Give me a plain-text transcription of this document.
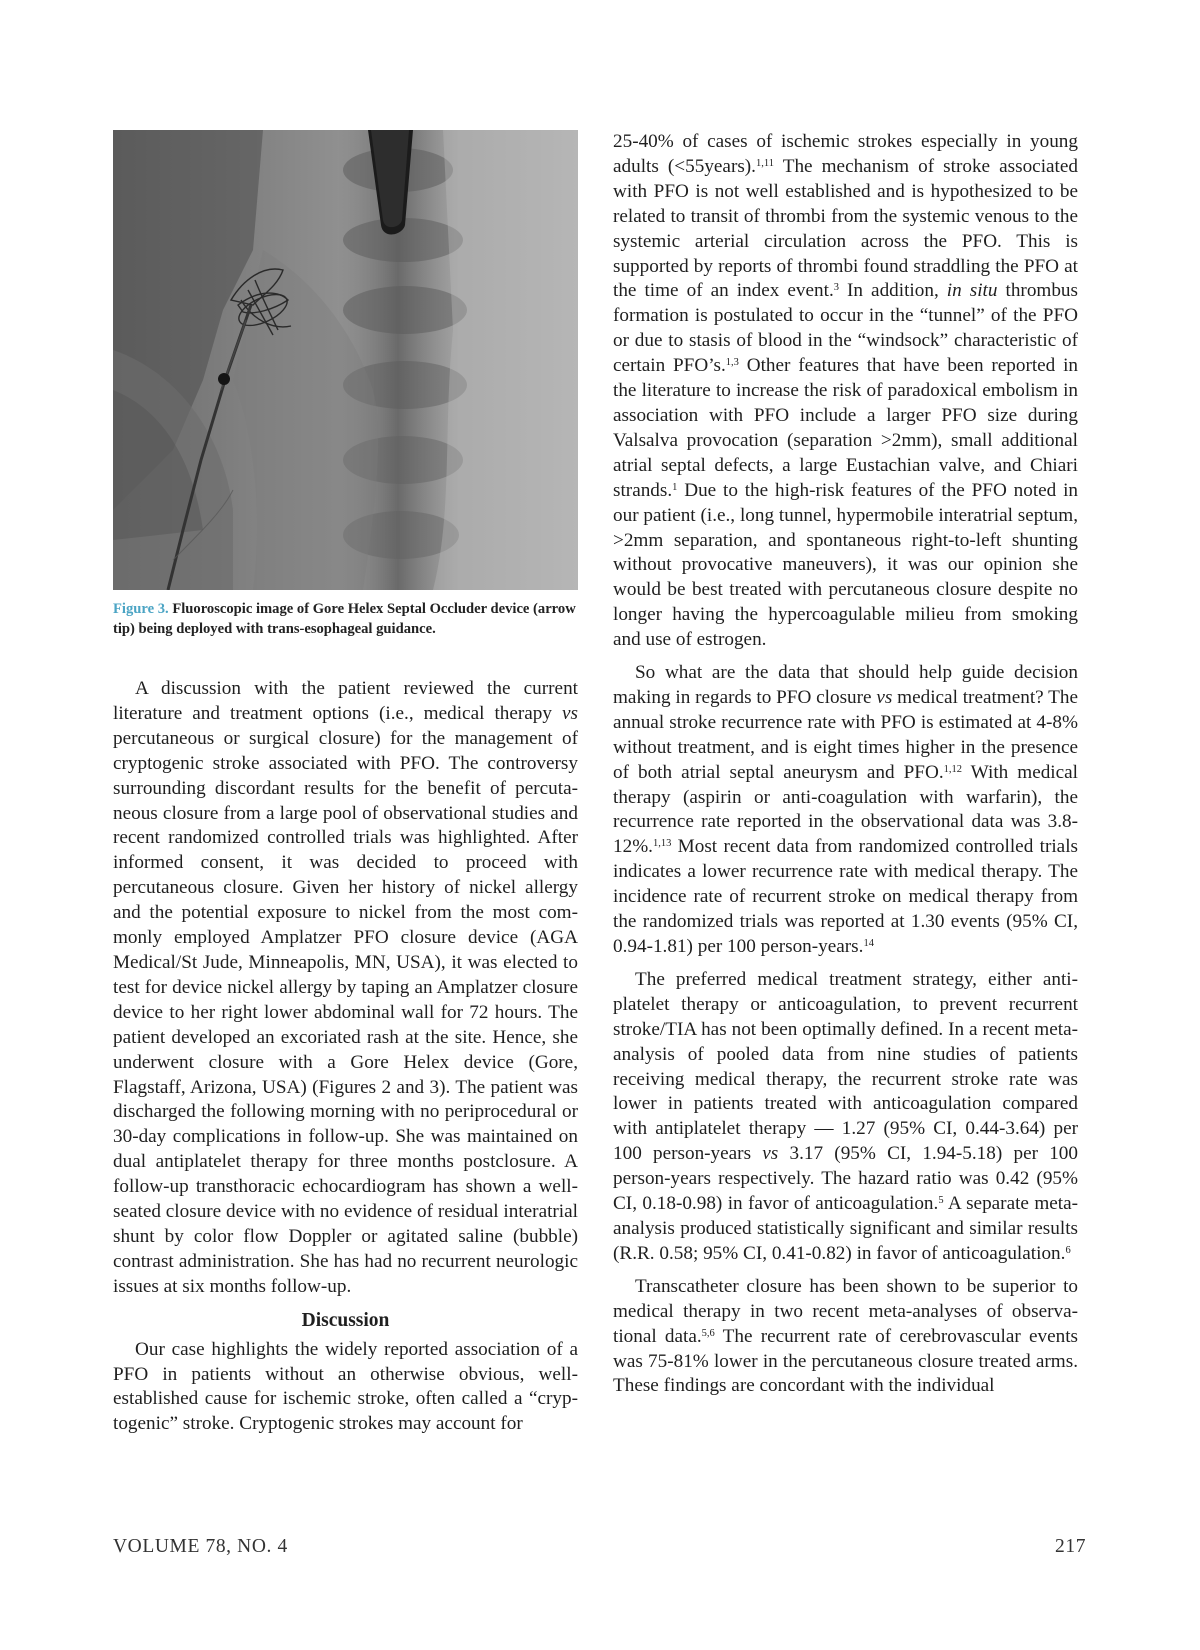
Figure 3. Fluoroscopic image of Gore Helex Septal Occluder device (arrow tip) being deployed with trans-esophageal guidance.

A discussion with the patient reviewed the current literature and treatment options (i.e., medical therapy vs percutaneous or surgical closure) for the management of cryptogenic stroke associated with PFO. The controversy surrounding discordant results for the benefit of percutaneous closure from a large pool of observational studies and recent randomized controlled trials was highlighted. After informed consent, it was decided to proceed with percutaneous closure. Given her history of nickel allergy and the potential exposure to nickel from the most commonly employed Amplatzer PFO closure device (AGA Medical/St Jude, Minneapolis, MN, USA), it was elected to test for device nickel allergy by taping an Amplatzer closure device to her right lower abdominal wall for 72 hours. The patient developed an excoriated rash at the site. Hence, she underwent closure with a Gore Helex device (Gore, Flagstaff, Arizona, USA) (Figures 2 and 3). The patient was discharged the following morning with no periprocedural or 30-day complications in follow-up. She was maintained on dual antiplatelet therapy for three months postclosure. A follow-up transthoracic echocardiogram has shown a well-seated closure device with no evidence of residual interatrial shunt by color flow Doppler or agitated saline (bubble) contrast administration. She has had no recurrent neurologic issues at six months follow-up.

Discussion

Our case highlights the widely reported association of a PFO in patients without an otherwise obvious, well-established cause for ischemic stroke, often called a “cryptogenic” stroke. Cryptogenic strokes may account for

25-40% of cases of ischemic strokes especially in young adults (<55years).$^{1,11}$ The mechanism of stroke associated with PFO is not well established and is hypothesized to be related to transit of thrombi from the systemic venous to the systemic arterial circulation across the PFO. This is supported by reports of thrombi found straddling the PFO at the time of an index event.$^3$ In addition, in situ thrombus formation is postulated to occur in the “tunnel” of the PFO or due to stasis of blood in the “windsock” characteristic of certain PFO’s.$^{1,3}$ Other features that have been reported in the literature to increase the risk of paradoxical embolism in association with PFO include a larger PFO size during Valsalva provocation (separation >2mm), small additional atrial septal defects, a large Eustachian valve, and Chiari strands.$^1$ Due to the high-risk features of the PFO noted in our patient (i.e., long tunnel, hypermobile interatrial septum, >2mm separation, and spontaneous right-to-left shunting without provocative maneuvers), it was our opinion she would be best treated with percutaneous closure despite no longer having the hypercoagulable milieu from smoking and use of estrogen.

So what are the data that should help guide decision making in regards to PFO closure vs medical treatment? The annual stroke recurrence rate with PFO is estimated at 4-8% without treatment, and is eight times higher in the presence of both atrial septal aneurysm and PFO.$^{1,12}$ With medical therapy (aspirin or anti-coagulation with warfarin), the recurrence rate reported in the observational data was 3.8-12%.$^{1,13}$ Most recent data from randomized controlled trials indicates a lower recurrence rate with medical therapy. The incidence rate of recurrent stroke on medical therapy from the randomized trials was reported at 1.30 events (95% CI, 0.94-1.81) per 100 person-years.$^{14}$

The preferred medical treatment strategy, either antiplatelet therapy or anticoagulation, to prevent recurrent stroke/TIA has not been optimally defined. In a recent meta-analysis of pooled data from nine studies of patients receiving medical therapy, the recurrent stroke rate was lower in patients treated with anticoagulation compared with antiplatelet therapy — 1.27 (95% CI, 0.44-3.64) per 100 person-years vs 3.17 (95% CI, 1.94-5.18) per 100 person-years respectively. The hazard ratio was 0.42 (95% CI, 0.18-0.98) in favor of anticoagulation.$^5$ A separate meta-analysis produced statistically significant and similar results (R.R. 0.58; 95% CI, 0.41-0.82) in favor of anticoagulation.$^6$

Transcatheter closure has been shown to be superior to medical therapy in two recent meta-analyses of observational data.$^{5,6}$ The recurrent rate of cerebrovascular events was 75-81% lower in the percutaneous closure treated arms. These findings are concordant with the individual

VOLUME 78, NO. 4	217
